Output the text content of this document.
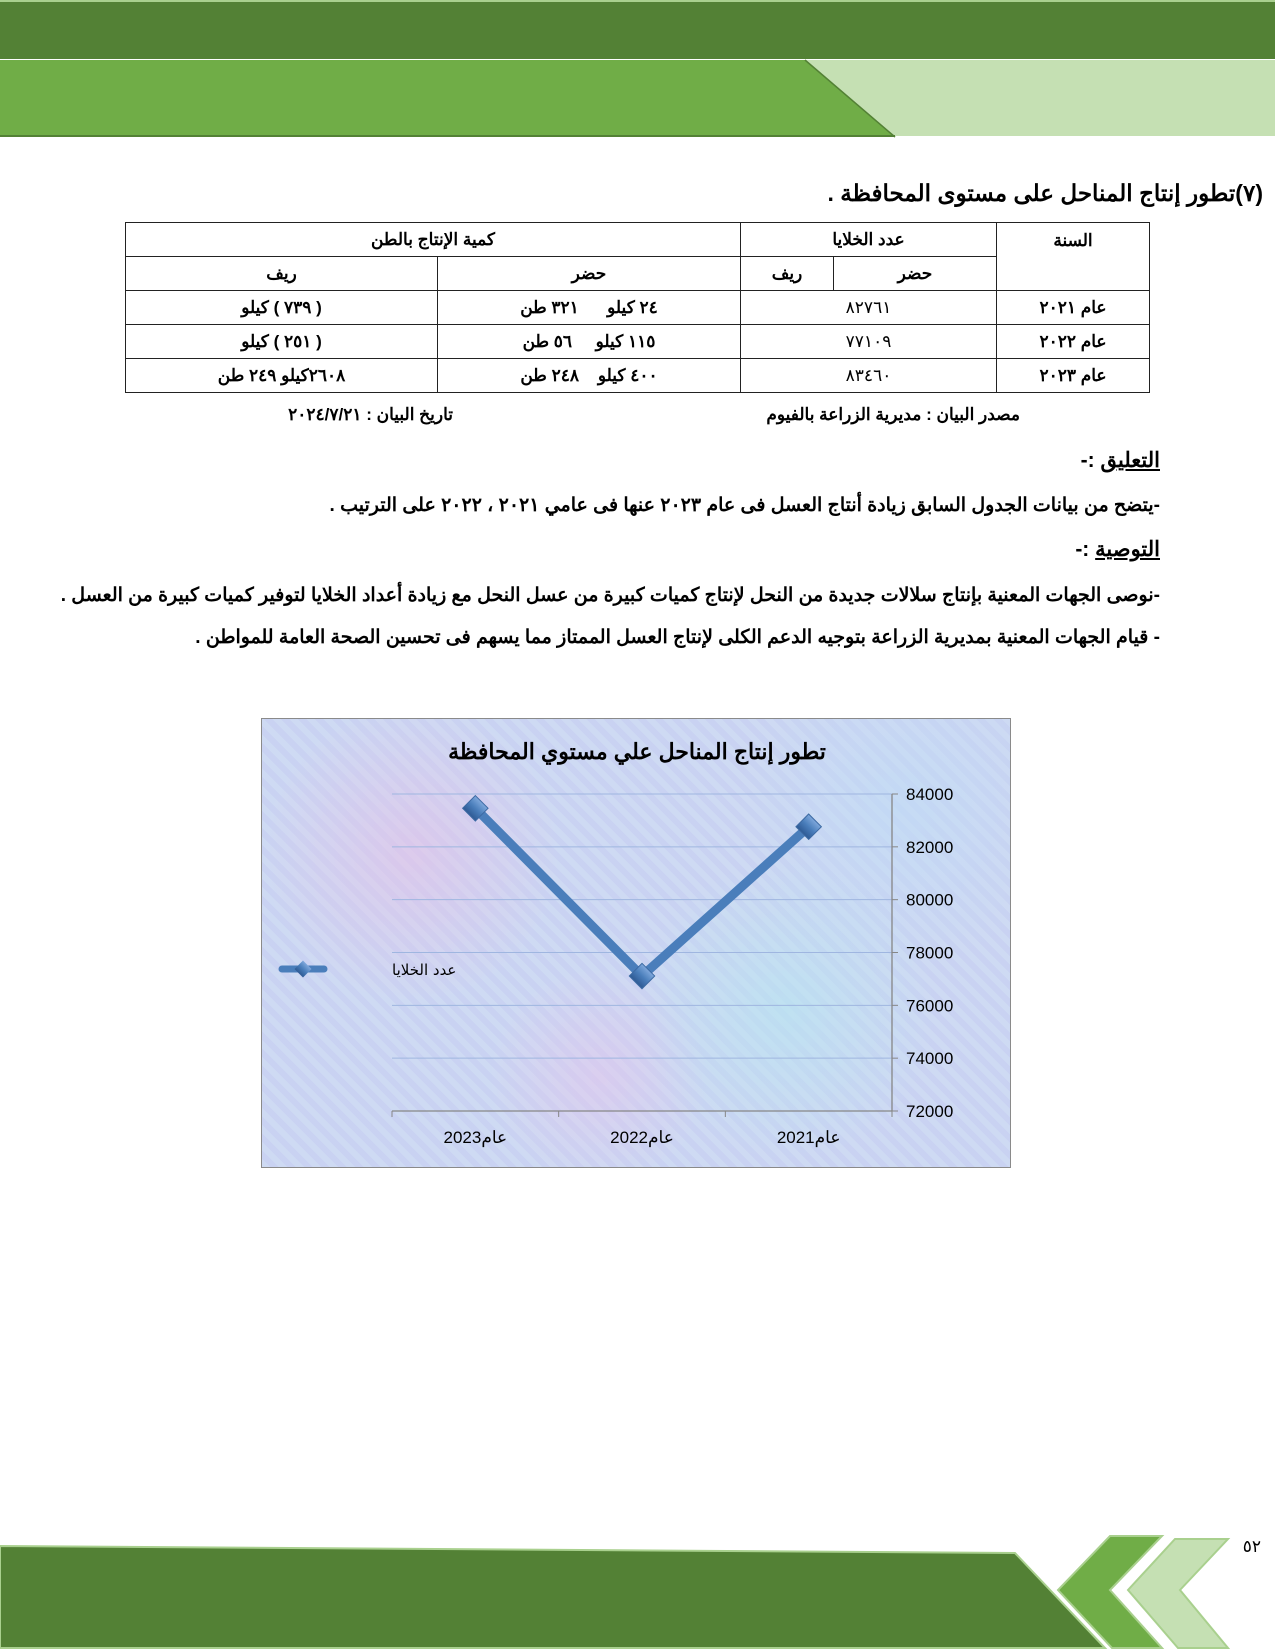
٥٢
(٧)تطور إنتاج المناحل على مستوى المحافظة .
السنة	عدد الخلايا		كمية الإنتاج بالطن	
	حضر	ريف	حضر	ريف
عام ٢٠٢١	٨٢٧٦١		٢٤ كيلو      ٣٢١ طن	( ٧٣٩ ) كيلو
عام ٢٠٢٢	٧٧١٠٩		١١٥ كيلو     ٥٦ طن	( ٢٥١ ) كيلو
عام ٢٠٢٣	٨٣٤٦٠		٤٠٠ كيلو    ٢٤٨ طن	٢٦٠٨كيلو ٢٤٩ طن
مصدر البيان : مديرية الزراعة بالفيوم
تاريخ البيان : ٢٠٢٤/٧/٢١
التعليق :-
-يتضح من بيانات الجدول السابق زيادة أنتاج العسل فى عام ٢٠٢٣ عنها فى عامي ٢٠٢١ ، ٢٠٢٢ على الترتيب .
التوصية :-
-نوصى الجهات المعنية بإنتاج سلالات جديدة من النحل لإنتاج كميات كبيرة من عسل النحل مع زيادة أعداد الخلايا لتوفير كميات كبيرة من العسل .
- قيام الجهات المعنية بمديرية الزراعة بتوجيه الدعم الكلى لإنتاج العسل الممتاز مما يسهم فى تحسين الصحة العامة للمواطن .
تطور إنتاج المناحل علي مستوي المحافظة
72000
74000
76000
78000
80000
82000
84000
عام2023	عام2022	عام2021
عدد الخلايا
